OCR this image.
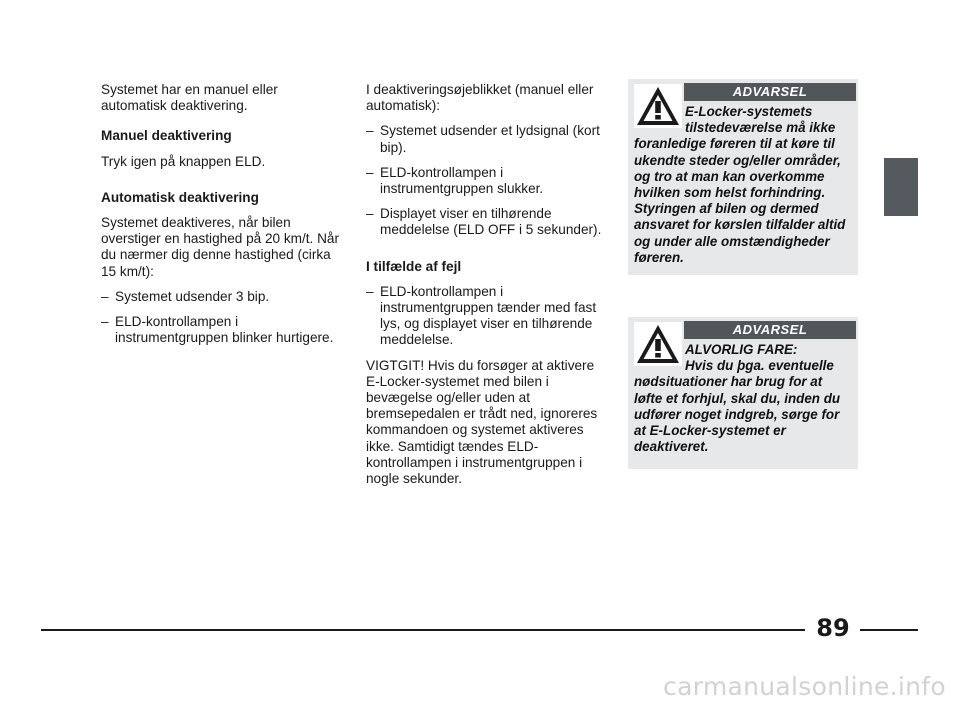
Systemet har en manuel eller automatisk deaktivering.

Manuel deaktivering

Tryk igen på knappen ELD.

Automatisk deaktivering

Systemet deaktiveres, når bilen overstiger en hastighed på 20 km/t. Når du nærmer dig denne hastighed (cirka 15 km/t):

– Systemet udsender 3 bip.
– ELD-kontrollampen i instrumentgruppen blinker hurtigere.

I deaktiveringsøjeblikket (manuel eller automatisk):

– Systemet udsender et lydsignal (kort bip).
– ELD-kontrollampen i instrumentgruppen slukker.
– Displayet viser en tilhørende meddelelse (ELD OFF i 5 sekunder).

I tilfælde af fejl

– ELD-kontrollampen i instrumentgruppen tænder med fast lys, og displayet viser en tilhørende meddelelse.

VIGTGIT! Hvis du forsøger at aktivere E-Locker-systemet med bilen i bevægelse og/eller uden at bremsepedalen er trådt ned, ignoreres kommandoen og systemet aktiveres ikke. Samtidigt tændes ELD-kontrollampen i instrumentgruppen i nogle sekunder.

ADVARSEL
E-Locker-systemets tilstedeværelse må ikke
foranledige føreren til at køre til ukendte steder og/eller områder, og tro at man kan overkomme hvilken som helst forhindring. Styringen af bilen og dermed ansvaret for kørslen tilfalder altid og under alle omstændigheder føreren.
ADVARSEL
ALVORLIG FARE:
Hvis du þga. eventuelle
nødsituationer har brug for at løfte et forhjul, skal du, inden du udfører noget indgreb, sørge for at E-Locker-systemet er deaktiveret.
89
carmanualsonline.info
